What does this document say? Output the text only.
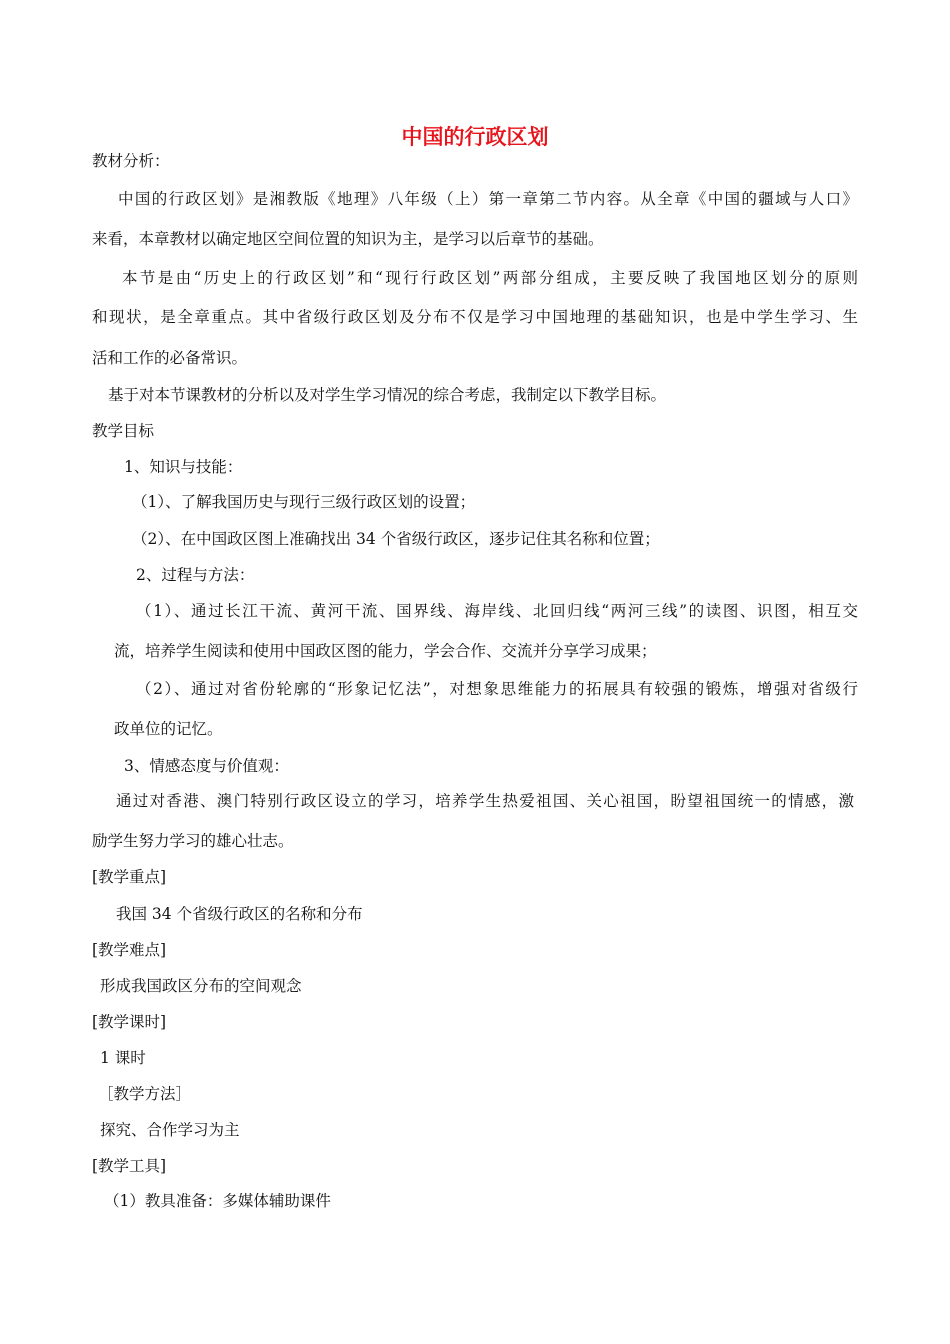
中国的行政区划
教材分析：
中国的行政区划》是湘教版《地理》八年级（上）第一章第二节内容。从全章《中国的疆域与人口》
来看，本章教材以确定地区空间位置的知识为主，是学习以后章节的基础。
本节是由“历史上的行政区划”和“现行行政区划”两部分组成，主要反映了我国地区划分的原则
和现状，是全章重点。其中省级行政区划及分布不仅是学习中国地理的基础知识，也是中学生学习、生
活和工作的必备常识。
基于对本节课教材的分析以及对学生学习情况的综合考虑，我制定以下教学目标。
教学目标
1、知识与技能：
（1）、了解我国历史与现行三级行政区划的设置；
（2）、在中国政区图上准确找出 34 个省级行政区，逐步记住其名称和位置；
2、过程与方法：
（1）、通过长江干流、黄河干流、国界线、海岸线、北回归线“两河三线”的读图、识图，相互交
流，培养学生阅读和使用中国政区图的能力，学会合作、交流并分享学习成果；
（2）、通过对省份轮廓的“形象记忆法”，对想象思维能力的拓展具有较强的锻炼，增强对省级行
政单位的记忆。
3、情感态度与价值观：
通过对香港、澳门特别行政区设立的学习，培养学生热爱祖国、关心祖国，盼望祖国统一的情感，激
励学生努力学习的雄心壮志。
[教学重点]
我国 34 个省级行政区的名称和分布
[教学难点]
形成我国政区分布的空间观念
[教学课时]
1 课时
［教学方法］
探究、合作学习为主
[教学工具]
（1）教具准备：多媒体辅助课件
